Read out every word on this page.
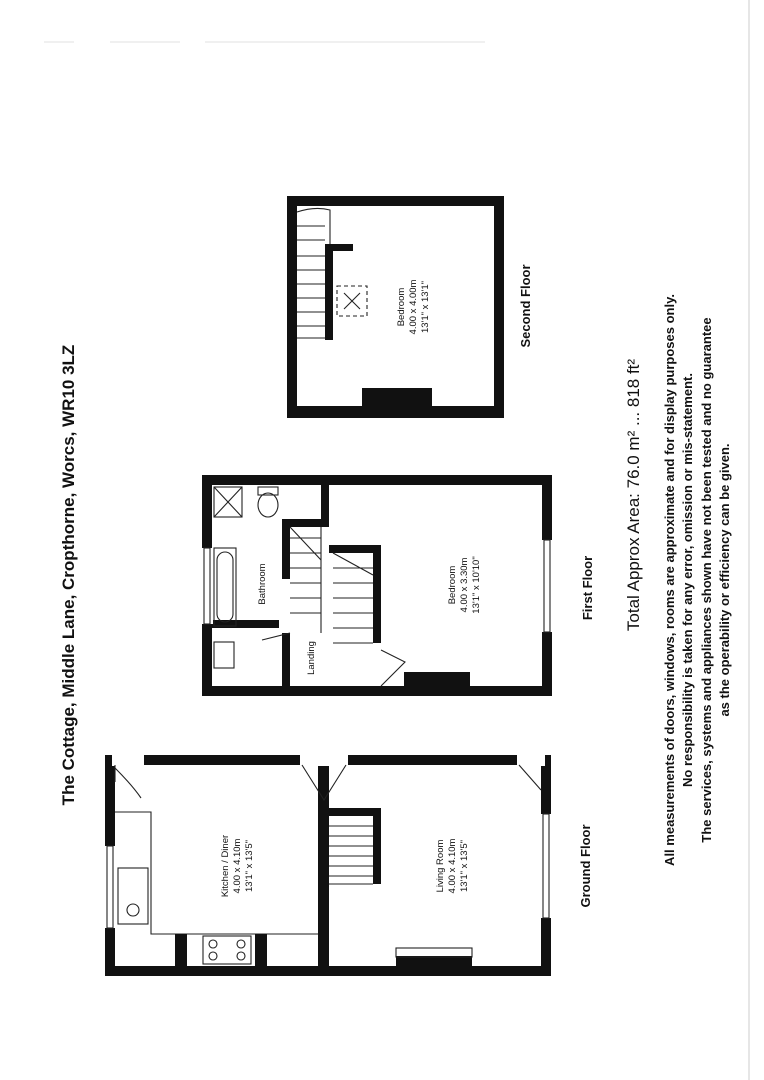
The Cottage, Middle Lane, Cropthorne, Worcs, WR10 3LZ
Kitchen / Diner 4.00 x 4.10m 13'1" x 13'5"	Living Room 4.00 x 4.10m 13'1" x 13'5"
Bathroom
Landing
Bedroom 4.00 x 3.30m 13'1" x 10'10"
Bedroom 4.00 x 4.00m 13'1" x 13'1"
Ground Floor
First Floor
Second Floor
Total Approx Area: 76.0 m² ... 818 ft² All measurements of doors, windows, rooms are approximate and for display purposes only. No responsibility is taken for any error, omission or mis-statement. The services, systems and appliances shown have not been tested and no guarantee as the operability or efficiency can be given.
